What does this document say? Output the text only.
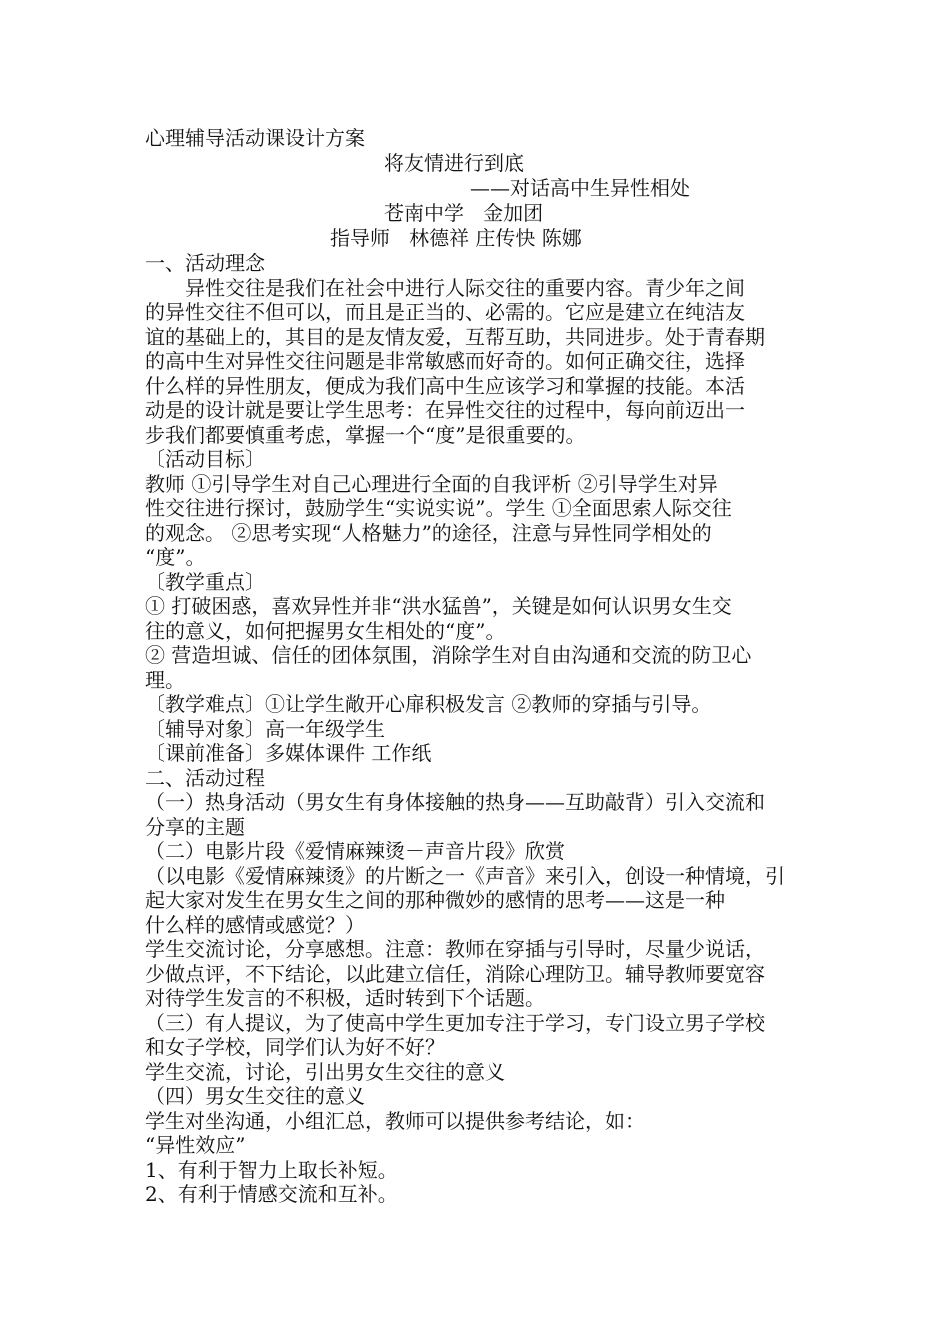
心理辅导活动课设计方案
将友情进行到底
——对话高中生异性相处
苍南中学   金加团
指导师   林德祥 庄传快 陈娜
一、活动理念
　　异性交往是我们在社会中进行人际交往的重要内容。青少年之间
的异性交往不但可以，而且是正当的、必需的。它应是建立在纯洁友
谊的基础上的，其目的是友情友爱，互帮互助，共同进步。处于青春期
的高中生对异性交往问题是非常敏感而好奇的。如何正确交往，选择
什么样的异性朋友，便成为我们高中生应该学习和掌握的技能。本活
动是的设计就是要让学生思考：在异性交往的过程中，每向前迈出一
步我们都要慎重考虑，掌握一个“度”是很重要的。
〔活动目标〕
教师 ①引导学生对自己心理进行全面的自我评析 ②引导学生对异
性交往进行探讨，鼓励学生“实说实说”。学生 ①全面思索人际交往
的观念。 ②思考实现“人格魅力”的途径，注意与异性同学相处的
“度”。
〔教学重点〕
① 打破困惑，喜欢异性并非“洪水猛兽”，关键是如何认识男女生交
往的意义，如何把握男女生相处的“度”。
② 营造坦诚、信任的团体氛围，消除学生对自由沟通和交流的防卫心
理。
〔教学难点〕①让学生敞开心扉积极发言 ②教师的穿插与引导。
〔辅导对象〕高一年级学生
〔课前准备〕多媒体课件 工作纸
二、活动过程
（一）热身活动（男女生有身体接触的热身——互助敲背）引入交流和
分享的主题
（二）电影片段《爱情麻辣烫－声音片段》欣赏
（以电影《爱情麻辣烫》的片断之一《声音》来引入，创设一种情境，引
起大家对发生在男女生之间的那种微妙的感情的思考——这是一种
什么样的感情或感觉？）
学生交流讨论，分享感想。注意：教师在穿插与引导时，尽量少说话，
少做点评，不下结论，以此建立信任，消除心理防卫。辅导教师要宽容
对待学生发言的不积极，适时转到下个话题。
（三）有人提议，为了使高中学生更加专注于学习，专门设立男子学校
和女子学校，同学们认为好不好？
学生交流，讨论，引出男女生交往的意义
（四）男女生交往的意义
学生对坐沟通，小组汇总，教师可以提供参考结论，如：
“异性效应”
1、有利于智力上取长补短。
2、有利于情感交流和互补。
